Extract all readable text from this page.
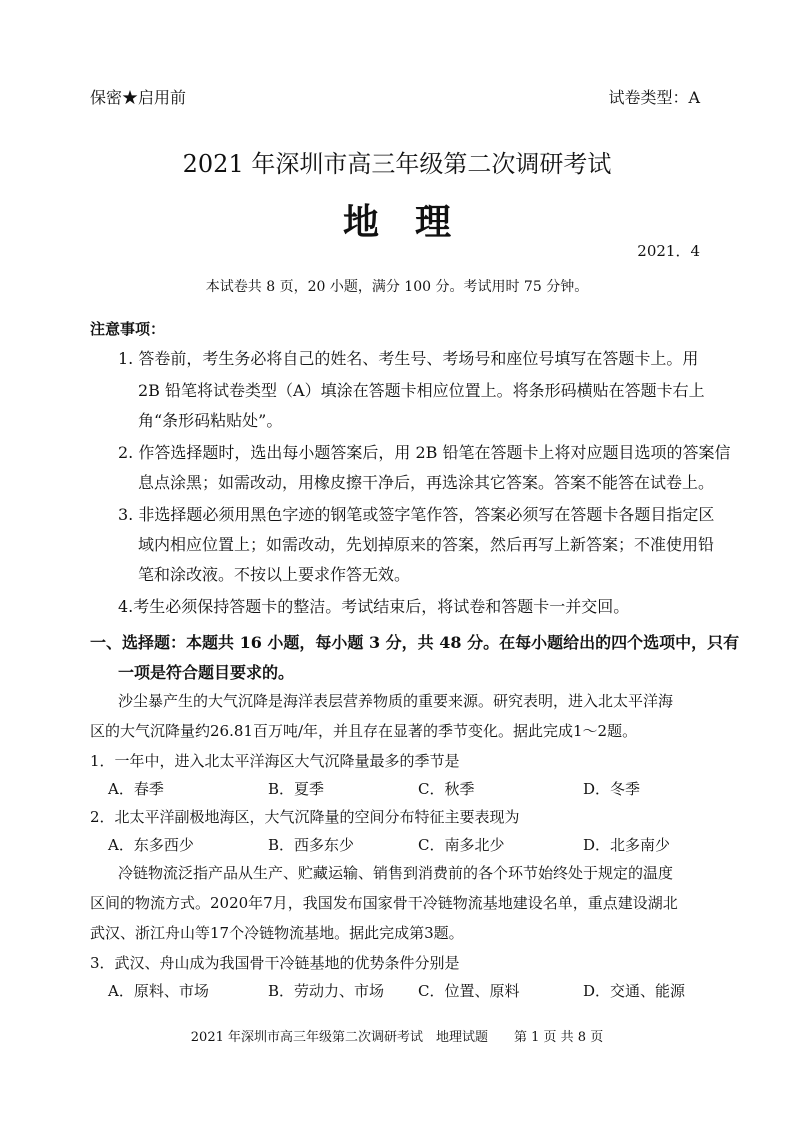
保密★启用前	试卷类型：A
2021 年深圳市高三年级第二次调研考试
地理
2021．4
本试卷共 8 页，20 小题，满分 100 分。考试用时 75 分钟。
注意事项：
1. 答卷前，考生务必将自己的姓名、考生号、考场号和座位号填写在答题卡上。用
2B 铅笔将试卷类型（A）填涂在答题卡相应位置上。将条形码横贴在答题卡右上
角“条形码粘贴处”。
2. 作答选择题时，选出每小题答案后，用 2B 铅笔在答题卡上将对应题目选项的答案信
息点涂黑；如需改动，用橡皮擦干净后，再选涂其它答案。答案不能答在试卷上。
3. 非选择题必须用黑色字迹的钢笔或签字笔作答，答案必须写在答题卡各题目指定区
域内相应位置上；如需改动，先划掉原来的答案，然后再写上新答案；不准使用铅
笔和涂改液。不按以上要求作答无效。
4.考生必须保持答题卡的整洁。考试结束后，将试卷和答题卡一并交回。
一、选择题：本题共 16 小题，每小题 3 分，共 48 分。在每小题给出的四个选项中，只有
一项是符合题目要求的。
沙尘暴产生的大气沉降是海洋表层营养物质的重要来源。研究表明，进入北太平洋海
区的大气沉降量约26.81百万吨/年，并且存在显著的季节变化。据此完成1～2题。
1．一年中，进入北太平洋海区大气沉降量最多的季节是
A．春季	B．夏季	C．秋季	D．冬季
2．北太平洋副极地海区，大气沉降量的空间分布特征主要表现为
A．东多西少	B．西多东少	C．南多北少	D．北多南少
冷链物流泛指产品从生产、贮藏运输、销售到消费前的各个环节始终处于规定的温度
区间的物流方式。2020年7月，我国发布国家骨干冷链物流基地建设名单，重点建设湖北
武汉、浙江舟山等17个冷链物流基地。据此完成第3题。
3．武汉、舟山成为我国骨干冷链基地的优势条件分别是
A．原料、市场	B．劳动力、市场 C．位置、原料	D．交通、能源
2021 年深圳市高三年级第二次调研考试　地理试题　　第 1 页 共 8 页
